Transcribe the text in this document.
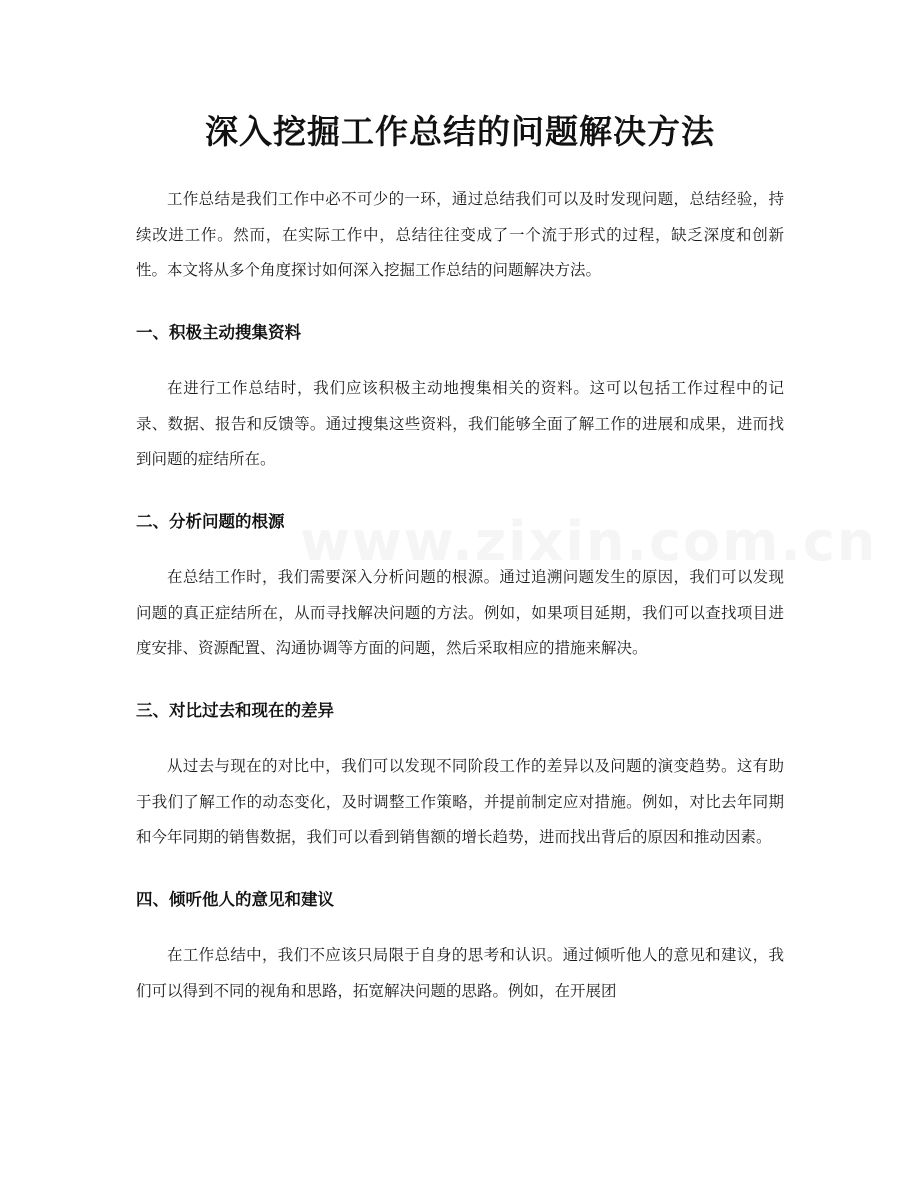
www.zixin.com.cn
深入挖掘工作总结的问题解决方法

工作总结是我们工作中必不可少的一环，通过总结我们可以及时发现问题，总结经验，持续改进工作。然而，在实际工作中，总结往往变成了一个流于形式的过程，缺乏深度和创新性。本文将从多个角度探讨如何深入挖掘工作总结的问题解决方法。

一、积极主动搜集资料

在进行工作总结时，我们应该积极主动地搜集相关的资料。这可以包括工作过程中的记录、数据、报告和反馈等。通过搜集这些资料，我们能够全面了解工作的进展和成果，进而找到问题的症结所在。

二、分析问题的根源

在总结工作时，我们需要深入分析问题的根源。通过追溯问题发生的原因，我们可以发现问题的真正症结所在，从而寻找解决问题的方法。例如，如果项目延期，我们可以查找项目进度安排、资源配置、沟通协调等方面的问题，然后采取相应的措施来解决。

三、对比过去和现在的差异

从过去与现在的对比中，我们可以发现不同阶段工作的差异以及问题的演变趋势。这有助于我们了解工作的动态变化，及时调整工作策略，并提前制定应对措施。例如，对比去年同期和今年同期的销售数据，我们可以看到销售额的增长趋势，进而找出背后的原因和推动因素。

四、倾听他人的意见和建议

在工作总结中，我们不应该只局限于自身的思考和认识。通过倾听他人的意见和建议，我们可以得到不同的视角和思路，拓宽解决问题的思路。例如，在开展团
